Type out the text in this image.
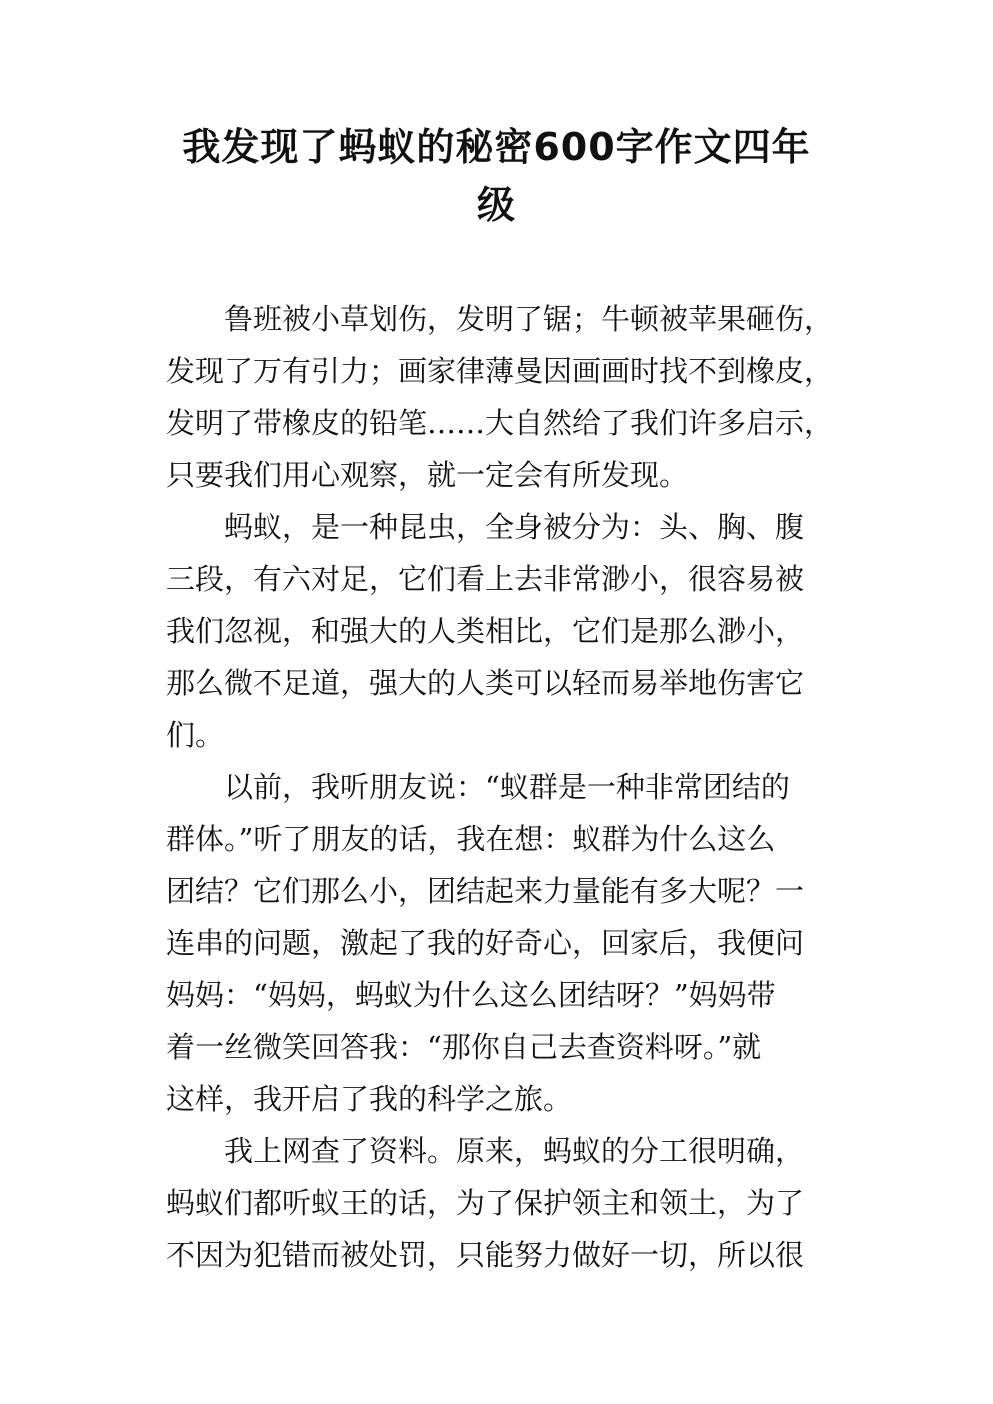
我发现了蚂蚁的秘密600字作文四年
级

鲁班被小草划伤，发明了锯；牛顿被苹果砸伤，

发现了万有引力；画家律薄曼因画画时找不到橡皮，

发明了带橡皮的铅笔……大自然给了我们许多启示，

只要我们用心观察，就一定会有所发现。

蚂蚁，是一种昆虫，全身被分为：头、胸、腹

三段，有六对足，它们看上去非常渺小，很容易被

我们忽视，和强大的人类相比，它们是那么渺小，

那么微不足道，强大的人类可以轻而易举地伤害它

们。

以前，我听朋友说：“蚁群是一种非常团结的

群体。”听了朋友的话，我在想：蚁群为什么这么

团结？它们那么小，团结起来力量能有多大呢？一

连串的问题，激起了我的好奇心，回家后，我便问

妈妈：“妈妈，蚂蚁为什么这么团结呀？”妈妈带

着一丝微笑回答我：“那你自己去查资料呀。”就

这样，我开启了我的科学之旅。

我上网查了资料。原来，蚂蚁的分工很明确，

蚂蚁们都听蚁王的话，为了保护领主和领土，为了

不因为犯错而被处罚，只能努力做好一切，所以很
